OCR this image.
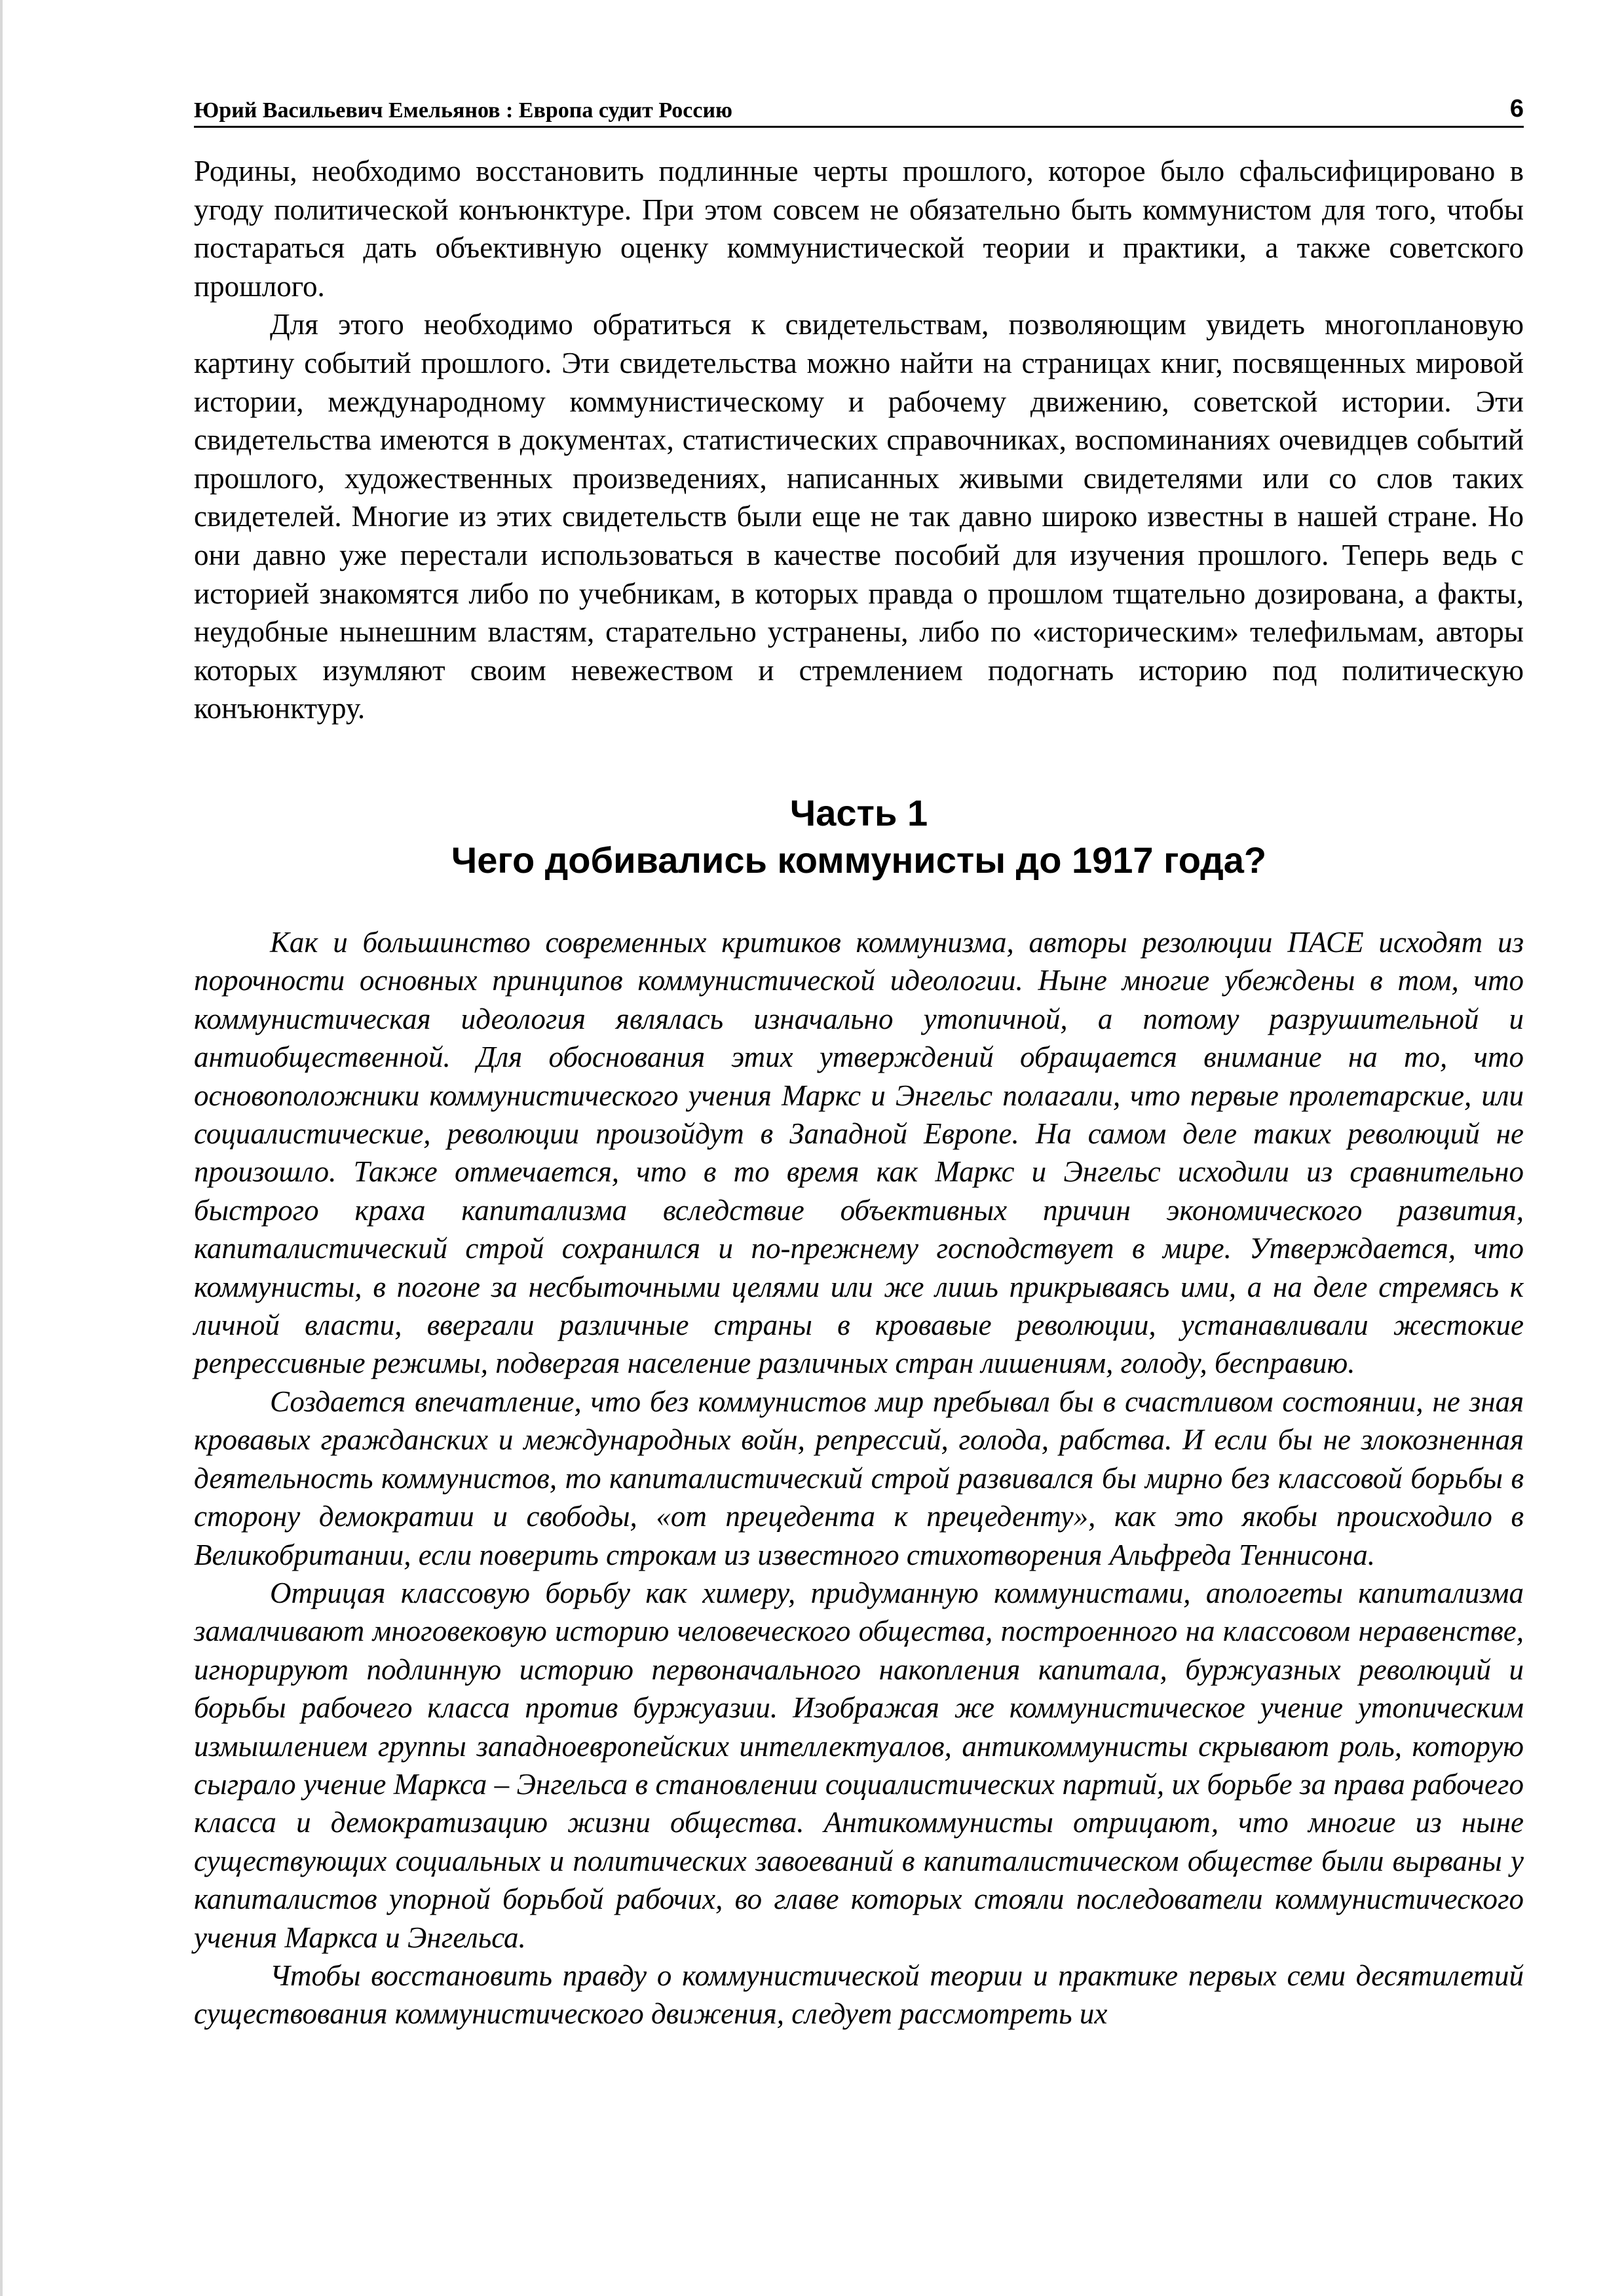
Юрий Васильевич Емельянов : Европа судит Россию	6

Родины, необходимо восстановить подлинные черты прошлого, которое было сфальсифицировано в угоду политической конъюнктуре. При этом совсем не обязательно быть коммунистом для того, чтобы постараться дать объективную оценку коммунистической теории и практики, а также советского прошлого.

Для этого необходимо обратиться к свидетельствам, позволяющим увидеть многоплановую картину событий прошлого. Эти свидетельства можно найти на страницах книг, посвященных мировой истории, международному коммунистическому и рабочему движению, советской истории. Эти свидетельства имеются в документах, статистических справочниках, воспоминаниях очевидцев событий прошлого, художественных произведениях, написанных живыми свидетелями или со слов таких свидетелей. Многие из этих свидетельств были еще не так давно широко известны в нашей стране. Но они давно уже перестали использоваться в качестве пособий для изучения прошлого. Теперь ведь с историей знакомятся либо по учебникам, в которых правда о прошлом тщательно дозирована, а факты, неудобные нынешним властям, старательно устранены, либо по «историческим» телефильмам, авторы которых изумляют своим невежеством и стремлением подогнать историю под политическую конъюнктуру.

Часть 1
Чего добивались коммунисты до 1917 года?

Как и большинство современных критиков коммунизма, авторы резолюции ПАСЕ исходят из порочности основных принципов коммунистической идеологии. Ныне многие убеждены в том, что коммунистическая идеология являлась изначально утопичной, а потому разрушительной и антиобщественной. Для обоснования этих утверждений обращается внимание на то, что основоположники коммунистического учения Маркс и Энгельс полагали, что первые пролетарские, или социалистические, революции произойдут в Западной Европе. На самом деле таких революций не произошло. Также отмечается, что в то время как Маркс и Энгельс исходили из сравнительно быстрого краха капитализма вследствие объективных причин экономического развития, капиталистический строй сохранился и по-прежнему господствует в мире. Утверждается, что коммунисты, в погоне за несбыточными целями или же лишь прикрываясь ими, а на деле стремясь к личной власти, ввергали различные страны в кровавые революции, устанавливали жестокие репрессивные режимы, подвергая население различных стран лишениям, голоду, бесправию.

Создается впечатление, что без коммунистов мир пребывал бы в счастливом состоянии, не зная кровавых гражданских и международных войн, репрессий, голода, рабства. И если бы не злокозненная деятельность коммунистов, то капиталистический строй развивался бы мирно без классовой борьбы в сторону демократии и свободы, «от прецедента к прецеденту», как это якобы происходило в Великобритании, если поверить строкам из известного стихотворения Альфреда Теннисона.

Отрицая классовую борьбу как химеру, придуманную коммунистами, апологеты капитализма замалчивают многовековую историю человеческого общества, построенного на классовом неравенстве, игнорируют подлинную историю первоначального накопления капитала, буржуазных революций и борьбы рабочего класса против буржуазии. Изображая же коммунистическое учение утопическим измышлением группы западноевропейских интеллектуалов, антикоммунисты скрывают роль, которую сыграло учение Маркса – Энгельса в становлении социалистических партий, их борьбе за права рабочего класса и демократизацию жизни общества. Антикоммунисты отрицают, что многие из ныне существующих социальных и политических завоеваний в капиталистическом обществе были вырваны у капиталистов упорной борьбой рабочих, во главе которых стояли последователи коммунистического учения Маркса и Энгельса.

Чтобы восстановить правду о коммунистической теории и практике первых семи десятилетий существования коммунистического движения, следует рассмотреть их
